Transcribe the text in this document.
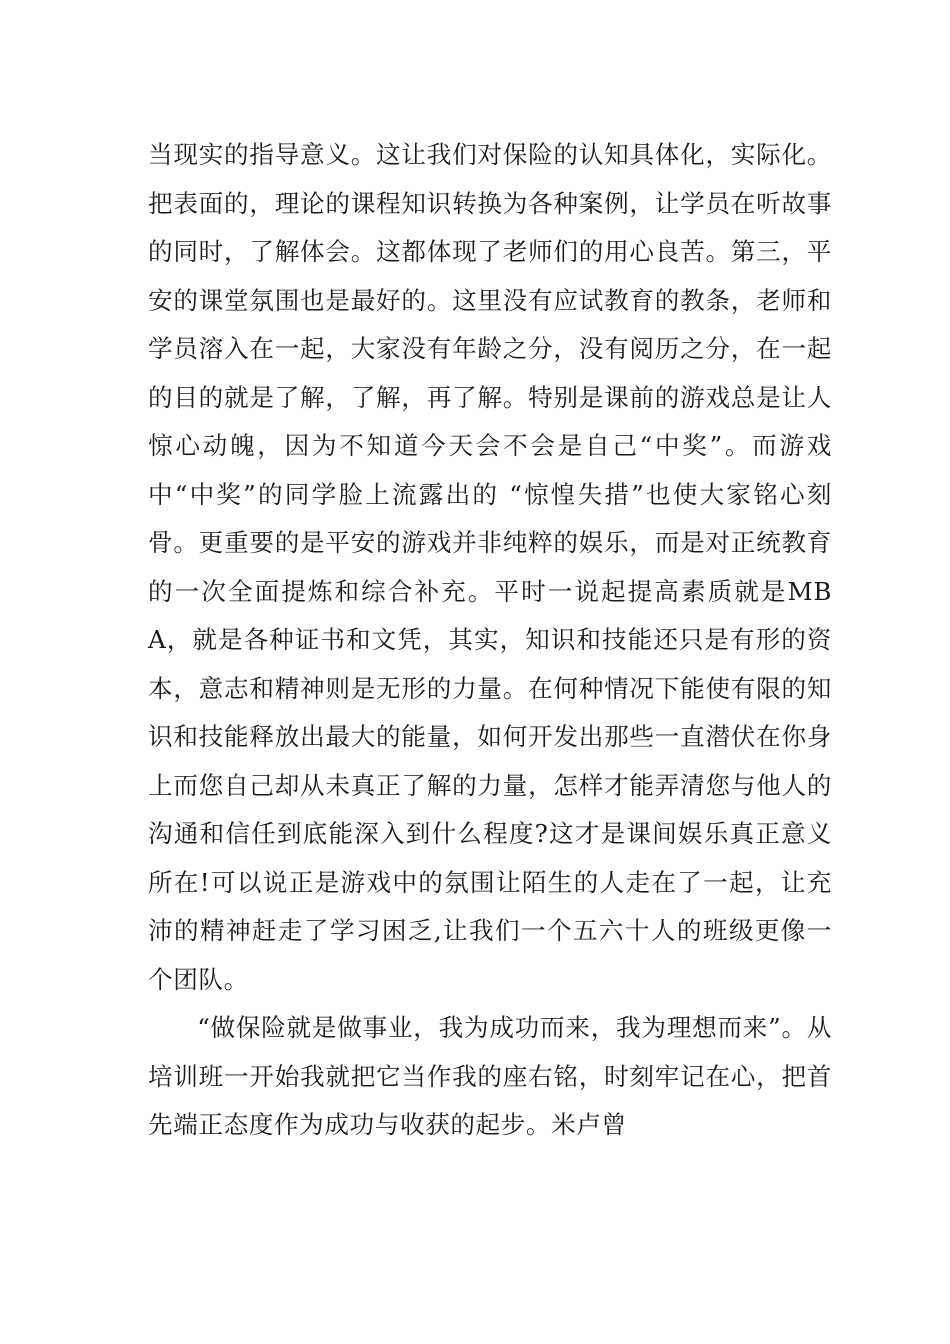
当现实的指导意义。这让我们对保险的认知具体化，实际化。把表面的，理论的课程知识转换为各种案例，让学员在听故事的同时，了解体会。这都体现了老师们的用心良苦。第三，平安的课堂氛围也是最好的。这里没有应试教育的教条，老师和学员溶入在一起，大家没有年龄之分，没有阅历之分，在一起的目的就是了解，了解，再了解。特别是课前的游戏总是让人惊心动魄，因为不知道今天会不会是自己“中奖”。而游戏中“中奖”的同学脸上流露出的 “惊惶失措”也使大家铭心刻骨。更重要的是平安的游戏并非纯粹的娱乐，而是对正统教育的一次全面提炼和综合补充。平时一说起提高素质就是MBA，就是各种证书和文凭，其实，知识和技能还只是有形的资本，意志和精神则是无形的力量。在何种情况下能使有限的知识和技能释放出最大的能量，如何开发出那些一直潜伏在你身上而您自己却从未真正了解的力量，怎样才能弄清您与他人的沟通和信任到底能深入到什么程度?这才是课间娱乐真正意义所在!可以说正是游戏中的氛围让陌生的人走在了一起，让充沛的精神赶走了学习困乏,让我们一个五六十人的班级更像一个团队。

“做保险就是做事业，我为成功而来，我为理想而来”。从培训班一开始我就把它当作我的座右铭，时刻牢记在心，把首先端正态度作为成功与收获的起步。米卢曾
